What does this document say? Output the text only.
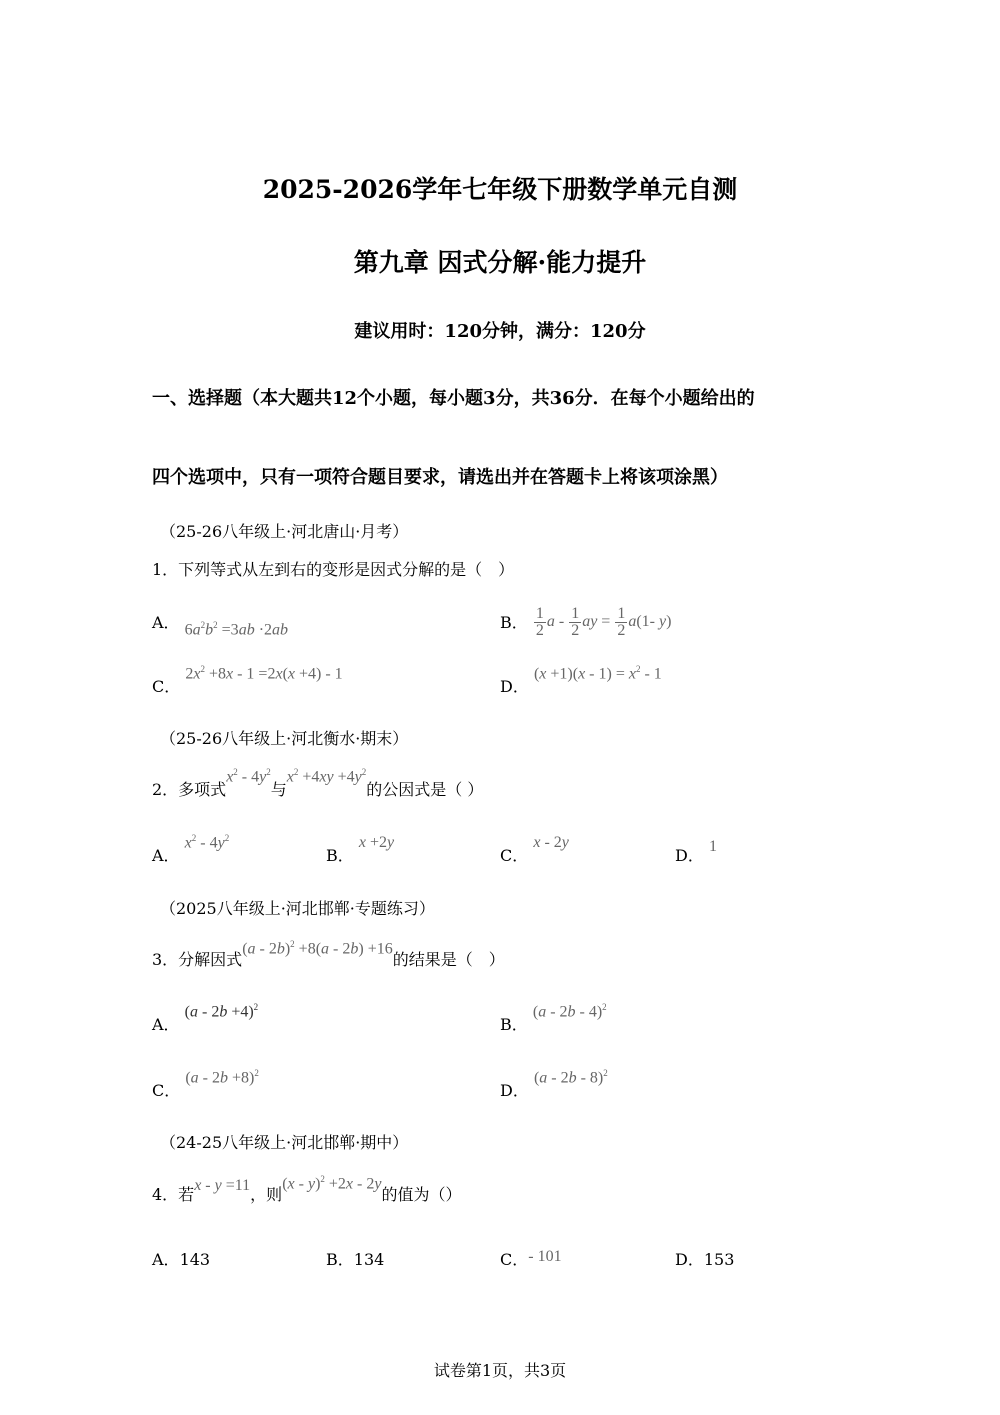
2025-2026学年七年级下册数学单元自测
第九章 因式分解·能力提升
建议用时：120分钟，满分：120分
一、选择题（本大题共12个小题，每小题3分，共36分．在每个小题给出的
四个选项中，只有一项符合题目要求，请选出并在答题卡上将该项涂黑）
（25-26八年级上·河北唐山·月考）
1．下列等式从左到右的变形是因式分解的是（　）
A． $6a^2b^2 =3ab \cdot 2ab$	B． $\frac{1}{2}$ a - $\frac{1}{2}$ ay = $\frac{1}{2} a(1-$ y)
C． $2x^2 +8x - 1 =2x(x +4) - 1$
D． $(x +1)(x - 1) = x^2 - 1$
（25-26八年级上·河北衡水·期末）
2．多项式$x^2 - 4y^2$与$x^2 +4xy +4y^2$的公因式是（ ）
A． $x^2 - 4y^2$
B． x +2y
C． x - 2y
D． 1
（2025八年级上·河北邯郸·专题练习）
3．分解因式(a - 2b)$^2$ +8(a - 2b) +16的结果是（　）
A． $(a - 2b +4)^2$
B． (a - 2b - 4)$^2$
C． $(a - 2b +8)^2$
D． (a - 2b - 8)$^2$
（24-25八年级上·河北邯郸·期中）
4．若x - y =11，则(x - y)$^2$ +2x - 2y的值为（）
A．143	B．134	C．- 101	D．153
试卷第1页，共3页
